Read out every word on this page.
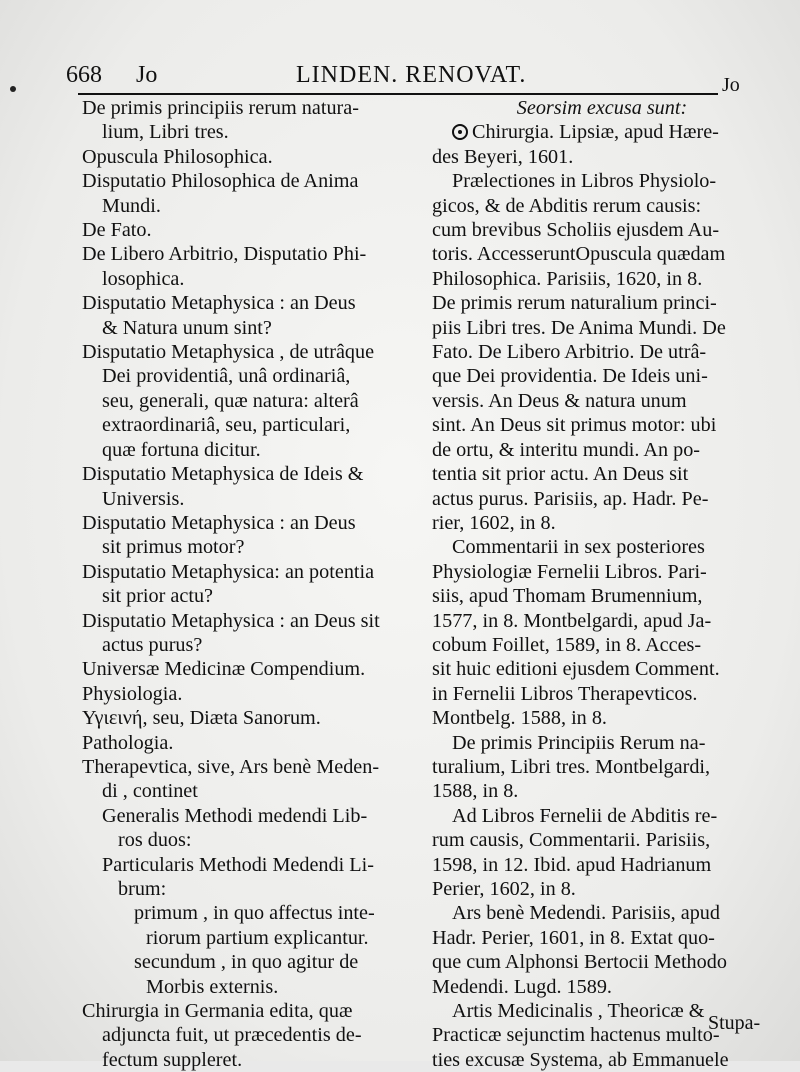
668 Jo	LINDEN. RENOVAT.	Jo
De primis principiis rerum natura-
lium, Libri tres.
Opuscula Philosophica.
Disputatio Philosophica de Anima
Mundi.
De Fato.
De Libero Arbitrio, Disputatio Phi-
losophica.
Disputatio Metaphysica : an Deus
& Natura unum sint?
Disputatio Metaphysica , de utrâque
Dei providentiâ, unâ ordinariâ,
seu, generali, quæ natura: alterâ
extraordinariâ, seu, particulari,
quæ fortuna dicitur.
Disputatio Metaphysica de Ideis &
Universis.
Disputatio Metaphysica : an Deus
sit primus motor?
Disputatio Metaphysica: an potentia
sit prior actu?
Disputatio Metaphysica : an Deus sit
actus purus?
Universæ Medicinæ Compendium.
Physiologia.
Υγιεινή, seu, Diæta Sanorum.
Pathologia.
Therapevtica, sive, Ars benè Meden-
di , continet
Generalis Methodi medendi Lib-
ros duos:
Particularis Methodi Medendi Li-
brum:
primum , in quo affectus inte-
riorum partium explicantur.
secundum , in quo agitur de
Morbis externis.
Chirurgia in Germania edita, quæ
adjuncta fuit, ut præcedentis de-
fectum suppleret.
Seorsim excusa sunt:
Chirurgia. Lipsiæ, apud Hære-
des Beyeri, 1601.
Prælectiones in Libros Physiolo-
gicos, & de Abditis rerum causis:
cum brevibus Scholiis ejusdem Au-
toris. AccesseruntOpuscula quædam
Philosophica. Parisiis, 1620, in 8.
De primis rerum naturalium princi-
piis Libri tres. De Anima Mundi. De
Fato. De Libero Arbitrio. De utrâ-
que Dei providentia. De Ideis uni-
versis. An Deus & natura unum
sint. An Deus sit primus motor: ubi
de ortu, & interitu mundi. An po-
tentia sit prior actu. An Deus sit
actus purus. Parisiis, ap. Hadr. Pe-
rier, 1602, in 8.
Commentarii in sex posteriores
Physiologiæ Fernelii Libros. Pari-
siis, apud Thomam Brumennium,
1577, in 8. Montbelgardi, apud Ja-
cobum Foillet, 1589, in 8. Acces-
sit huic editioni ejusdem Comment.
in Fernelii Libros Therapevticos.
Montbelg. 1588, in 8.
De primis Principiis Rerum na-
turalium, Libri tres. Montbelgardi,
1588, in 8.
Ad Libros Fernelii de Abditis re-
rum causis, Commentarii. Parisiis,
1598, in 12. Ibid. apud Hadrianum
Perier, 1602, in 8.
Ars benè Medendi. Parisiis, apud
Hadr. Perier, 1601, in 8. Extat quo-
que cum Alphonsi Bertocii Methodo
Medendi. Lugd. 1589.
Artis Medicinalis , Theoricæ &
Practicæ sejunctim hactenus multo-
ties excusæ Systema, ab Emmanuele
Stupa-
